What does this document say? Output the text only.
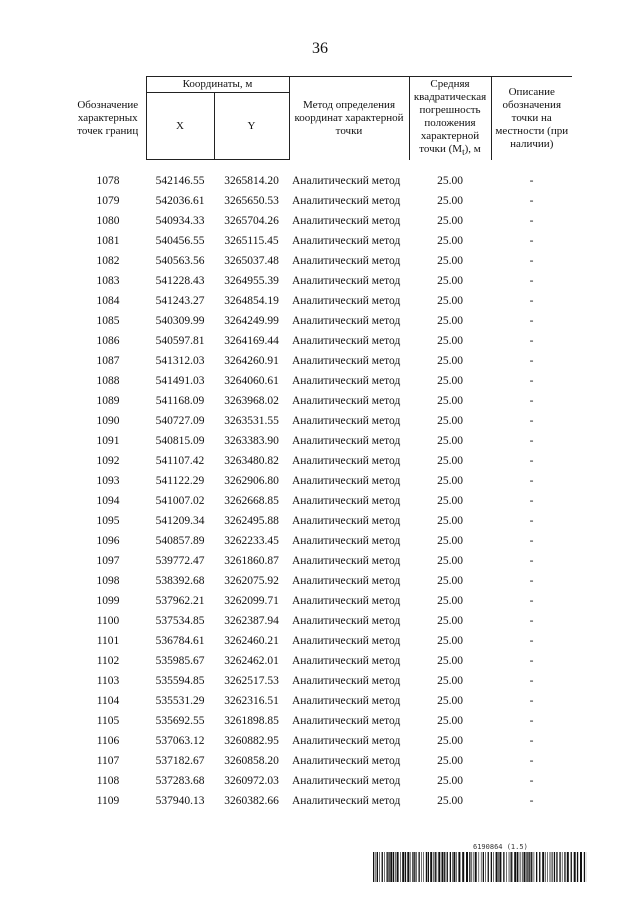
36
Обозначение характерных точек границ	Координаты, м		Метод определения координат характерной точки	Средняя квадратическая погрешность положения характерной точки $(M_t)$, м	Описание обозначения точки на местности (при наличии)
	X	Y			

1078	542146.55	3265814.20	Аналитический метод	25.00	-
1079	542036.61	3265650.53	Аналитический метод	25.00	-
1080	540934.33	3265704.26	Аналитический метод	25.00	-
1081	540456.55	3265115.45	Аналитический метод	25.00	-
1082	540563.56	3265037.48	Аналитический метод	25.00	-
1083	541228.43	3264955.39	Аналитический метод	25.00	-
1084	541243.27	3264854.19	Аналитический метод	25.00	-
1085	540309.99	3264249.99	Аналитический метод	25.00	-
1086	540597.81	3264169.44	Аналитический метод	25.00	-
1087	541312.03	3264260.91	Аналитический метод	25.00	-
1088	541491.03	3264060.61	Аналитический метод	25.00	-
1089	541168.09	3263968.02	Аналитический метод	25.00	-
1090	540727.09	3263531.55	Аналитический метод	25.00	-
1091	540815.09	3263383.90	Аналитический метод	25.00	-
1092	541107.42	3263480.82	Аналитический метод	25.00	-
1093	541122.29	3262906.80	Аналитический метод	25.00	-
1094	541007.02	3262668.85	Аналитический метод	25.00	-
1095	541209.34	3262495.88	Аналитический метод	25.00	-
1096	540857.89	3262233.45	Аналитический метод	25.00	-
1097	539772.47	3261860.87	Аналитический метод	25.00	-
1098	538392.68	3262075.92	Аналитический метод	25.00	-
1099	537962.21	3262099.71	Аналитический метод	25.00	-
1100	537534.85	3262387.94	Аналитический метод	25.00	-
1101	536784.61	3262460.21	Аналитический метод	25.00	-
1102	535985.67	3262462.01	Аналитический метод	25.00	-
1103	535594.85	3262517.53	Аналитический метод	25.00	-
1104	535531.29	3262316.51	Аналитический метод	25.00	-
1105	535692.55	3261898.85	Аналитический метод	25.00	-
1106	537063.12	3260882.95	Аналитический метод	25.00	-
1107	537182.67	3260858.20	Аналитический метод	25.00	-
1108	537283.68	3260972.03	Аналитический метод	25.00	-
1109	537940.13	3260382.66	Аналитический метод	25.00	-
6190864 (1.5)
